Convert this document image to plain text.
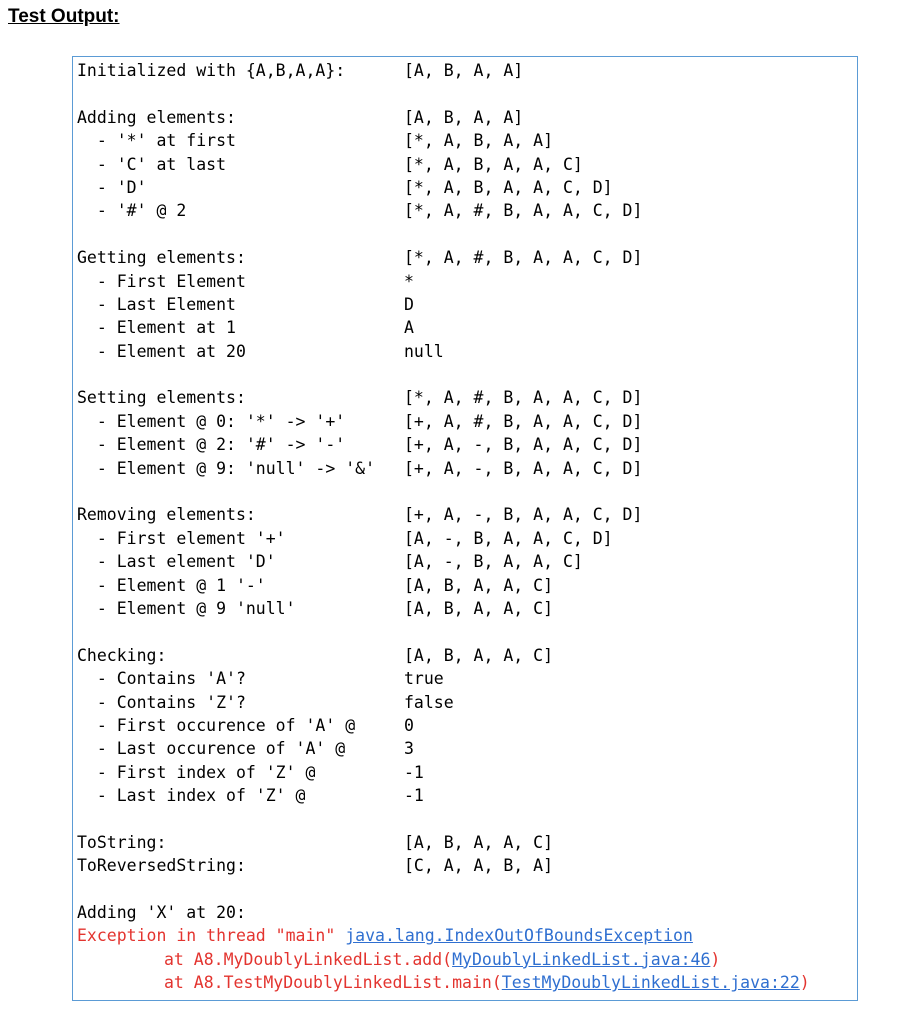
Test Output:
Initialized with {A,B,A,A}:	[A, B, A, A]
Adding elements:	[A, B, A, A]
- '*' at first	[*, A, B, A, A]
- 'C' at last	[*, A, B, A, A, C]
- 'D'	[*, A, B, A, A, C, D]
- '#' @ 2	[*, A, #, B, A, A, C, D]
Getting elements:	[*, A, #, B, A, A, C, D]
- First Element	*
- Last Element	D
- Element at 1	A
- Element at 20	null
Setting elements:	[*, A, #, B, A, A, C, D]
- Element @ 0: '*' -> '+'	[+, A, #, B, A, A, C, D]
- Element @ 2: '#' -> '-'	[+, A, -, B, A, A, C, D]
- Element @ 9: 'null' -> '&' [+, A, -, B, A, A, C, D]
Removing elements:	[+, A, -, B, A, A, C, D]
- First element '+'	[A, -, B, A, A, C, D]
- Last element 'D'	[A, -, B, A, A, C]
- Element @ 1 '-'	[A, B, A, A, C]
- Element @ 9 'null'	[A, B, A, A, C]
Checking:	[A, B, A, A, C]
- Contains 'A'?	true
- Contains 'Z'?	false
- First occurence of 'A' @	0
- Last occurence of 'A' @	3
- First index of 'Z' @	-1
- Last index of 'Z' @	-1
ToString:	[A, B, A, A, C]
ToReversedString:	[C, A, A, B, A]

Adding 'X' at 20:

Exception in thread "main" java.lang.IndexOutOfBoundsException
at A8.MyDoublyLinkedList.add(MyDoublyLinkedList.java:46)
at A8.TestMyDoublyLinkedList.main(TestMyDoublyLinkedList.java:22)
